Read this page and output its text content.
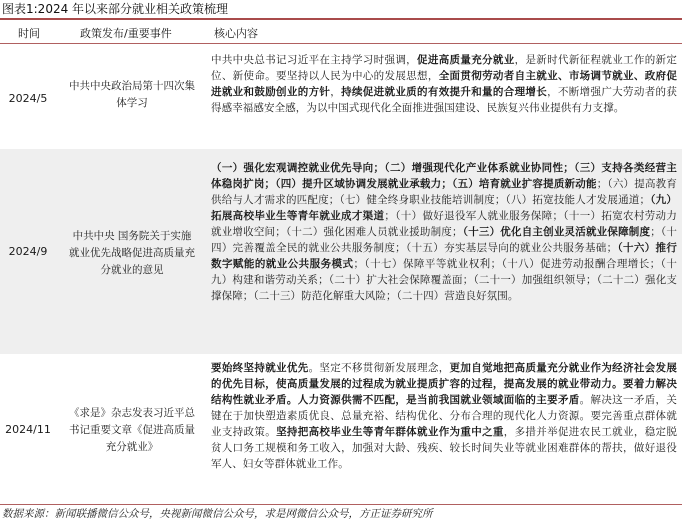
图表1:2024 年以来部分就业相关政策梳理
时间	政策发布/重要事件	核心内容
2024/5
中共中央政治局第十四次集
体学习
中共中央总书记习近平在主持学习时强调，促进高质量充分就业，是新时代新征程就业工作的新定位、新使命。要坚持以人民为中心的发展思想，全面贯彻劳动者自主就业、市场调节就业、政府促进就业和鼓励创业的方针，持续促进就业质的有效提升和量的合理增长，不断增强广大劳动者的获得感幸福感安全感，为以中国式现代化全面推进强国建设、民族复兴伟业提供有力支撑。
2024/9
中共中央 国务院关于实施
就业优先战略促进高质量充
分就业的意见
（一）强化宏观调控就业优先导向；（二）增强现代化产业体系就业协同性；（三）支持各类经营主体稳岗扩岗；（四）提升区域协调发展就业承载力；（五）培育就业扩容提质新动能；（六）提高教育供给与人才需求的匹配度；（七）健全终身职业技能培训制度；（八）拓宽技能人才发展通道；（九）拓展高校毕业生等青年就业成才渠道；（十）做好退役军人就业服务保障；（十一）拓宽农村劳动力就业增收空间；（十二）强化困难人员就业援助制度；（十三）优化自主创业灵活就业保障制度；（十四）完善覆盖全民的就业公共服务制度；（十五）夯实基层导向的就业公共服务基础；（十六）推行数字赋能的就业公共服务模式；（十七）保障平等就业权利；（十八）促进劳动报酬合理增长；（十九）构建和谐劳动关系；（二十）扩大社会保障覆盖面；（二十一）加强组织领导；（二十二）强化支撑保障；（二十三）防范化解重大风险；（二十四）营造良好氛围。
2024/11
《求是》杂志发表习近平总
书记重要文章《促进高质量
充分就业》
要始终坚持就业优先。坚定不移贯彻新发展理念，更加自觉地把高质量充分就业作为经济社会发展的优先目标，使高质量发展的过程成为就业提质扩容的过程，提高发展的就业带动力。要着力解决结构性就业矛盾。人力资源供需不匹配，是当前我国就业领域面临的主要矛盾。解决这一矛盾，关键在于加快塑造素质优良、总量充裕、结构优化、分布合理的现代化人力资源。要完善重点群体就业支持政策。坚持把高校毕业生等青年群体就业作为重中之重，多措并举促进农民工就业，稳定脱贫人口务工规模和务工收入，加强对大龄、残疾、较长时间失业等就业困难群体的帮扶，做好退役军人、妇女等群体就业工作。
数据来源：新闻联播微信公众号，央视新闻微信公众号，求是网微信公众号，方正证券研究所
